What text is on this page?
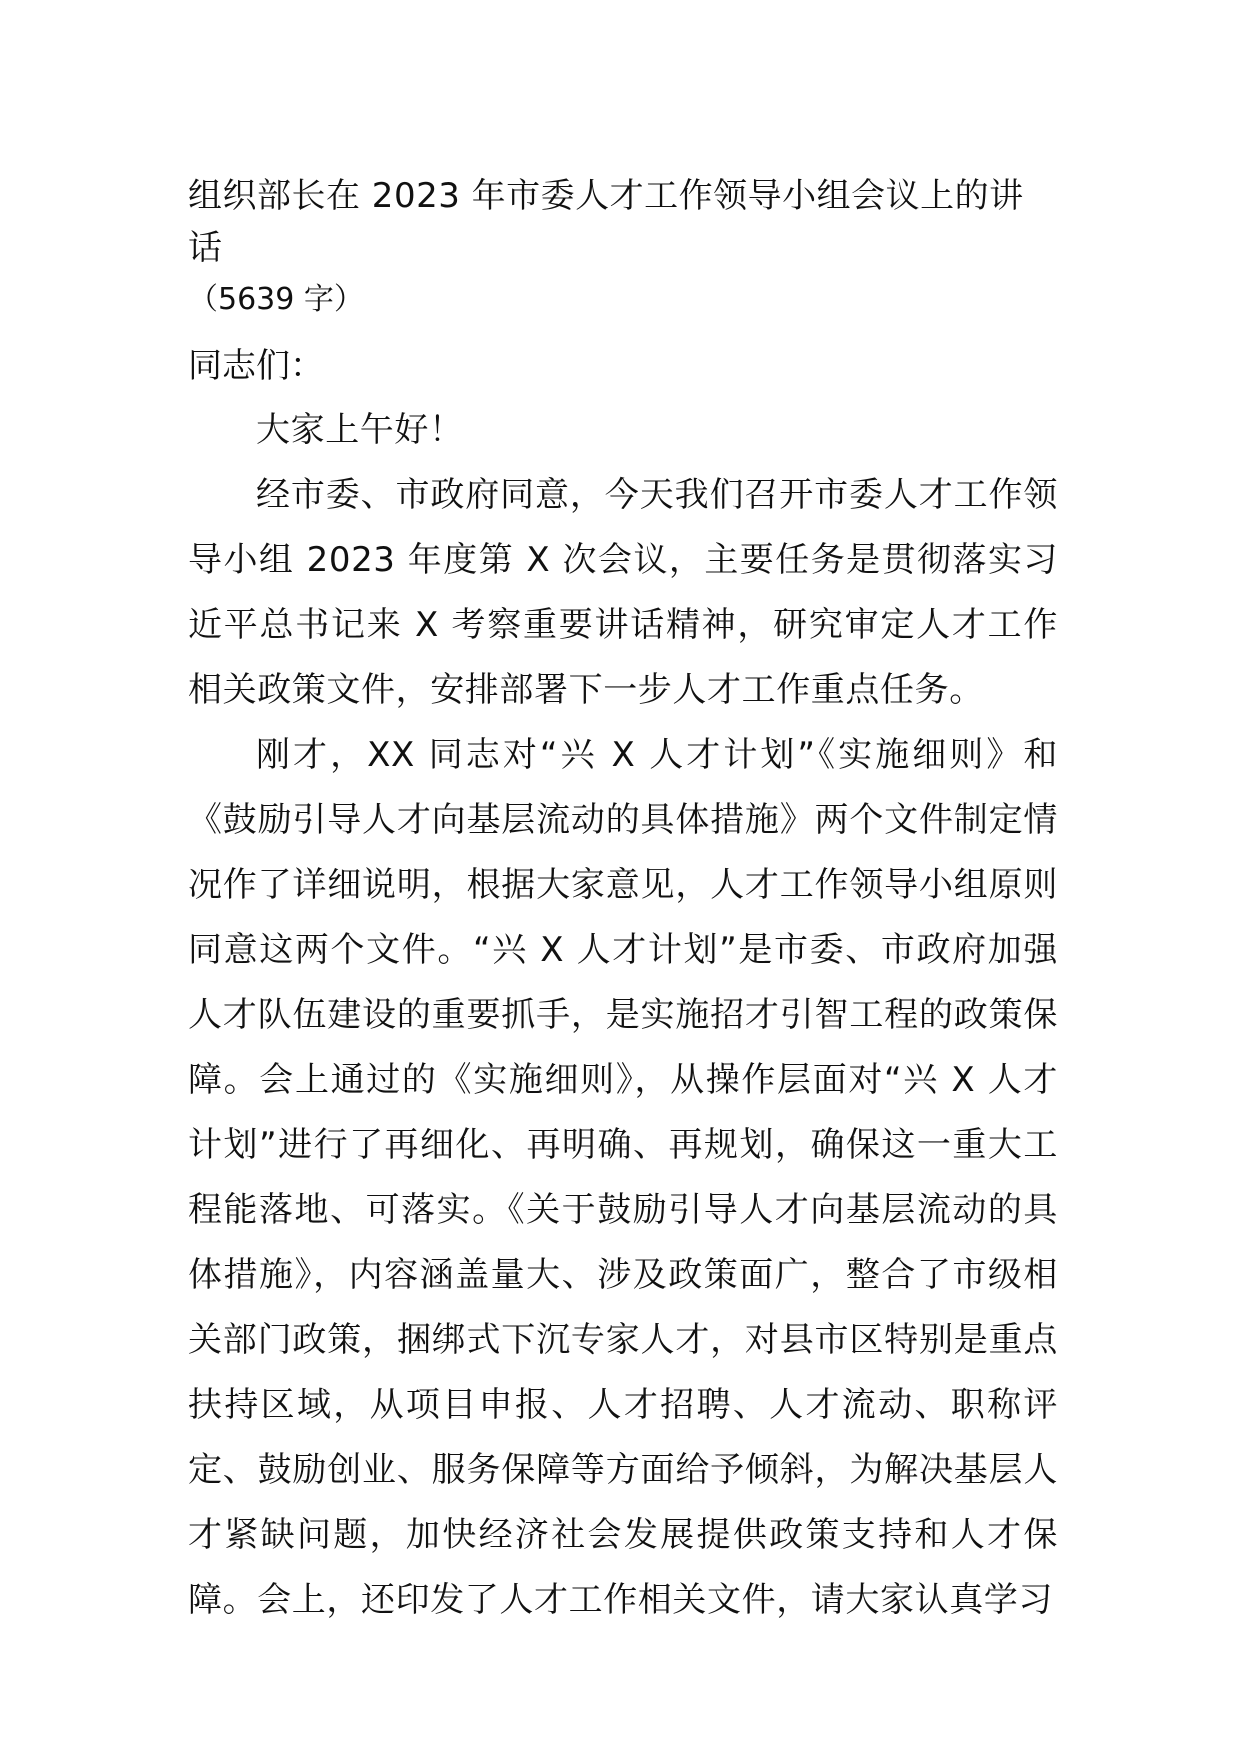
组织部长在 2023 年市委人才工作领导小组会议上的讲话
（5639 字）

同志们：

大家上午好！

经市委、市政府同意，今天我们召开市委人才工作领导小组 2023 年度第 X 次会议，主要任务是贯彻落实习近平总书记来 X 考察重要讲话精神，研究审定人才工作相关政策文件，安排部署下一步人才工作重点任务。

刚才，XX 同志对“兴 X 人才计划”《实施细则》和《鼓励引导人才向基层流动的具体措施》两个文件制定情况作了详细说明，根据大家意见，人才工作领导小组原则同意这两个文件。“兴 X 人才计划”是市委、市政府加强人才队伍建设的重要抓手，是实施招才引智工程的政策保障。会上通过的《实施细则》，从操作层面对“兴 X 人才计划”进行了再细化、再明确、再规划，确保这一重大工程能落地、可落实。《关于鼓励引导人才向基层流动的具体措施》，内容涵盖量大、涉及政策面广，整合了市级相关部门政策，捆绑式下沉专家人才，对县市区特别是重点扶持区域，从项目申报、人才招聘、人才流动、职称评定、鼓励创业、服务保障等方面给予倾斜，为解决基层人才紧缺问题，加快经济社会发展提供政策支持和人才保障。会上，还印发了人才工作相关文件，请大家认真学习
